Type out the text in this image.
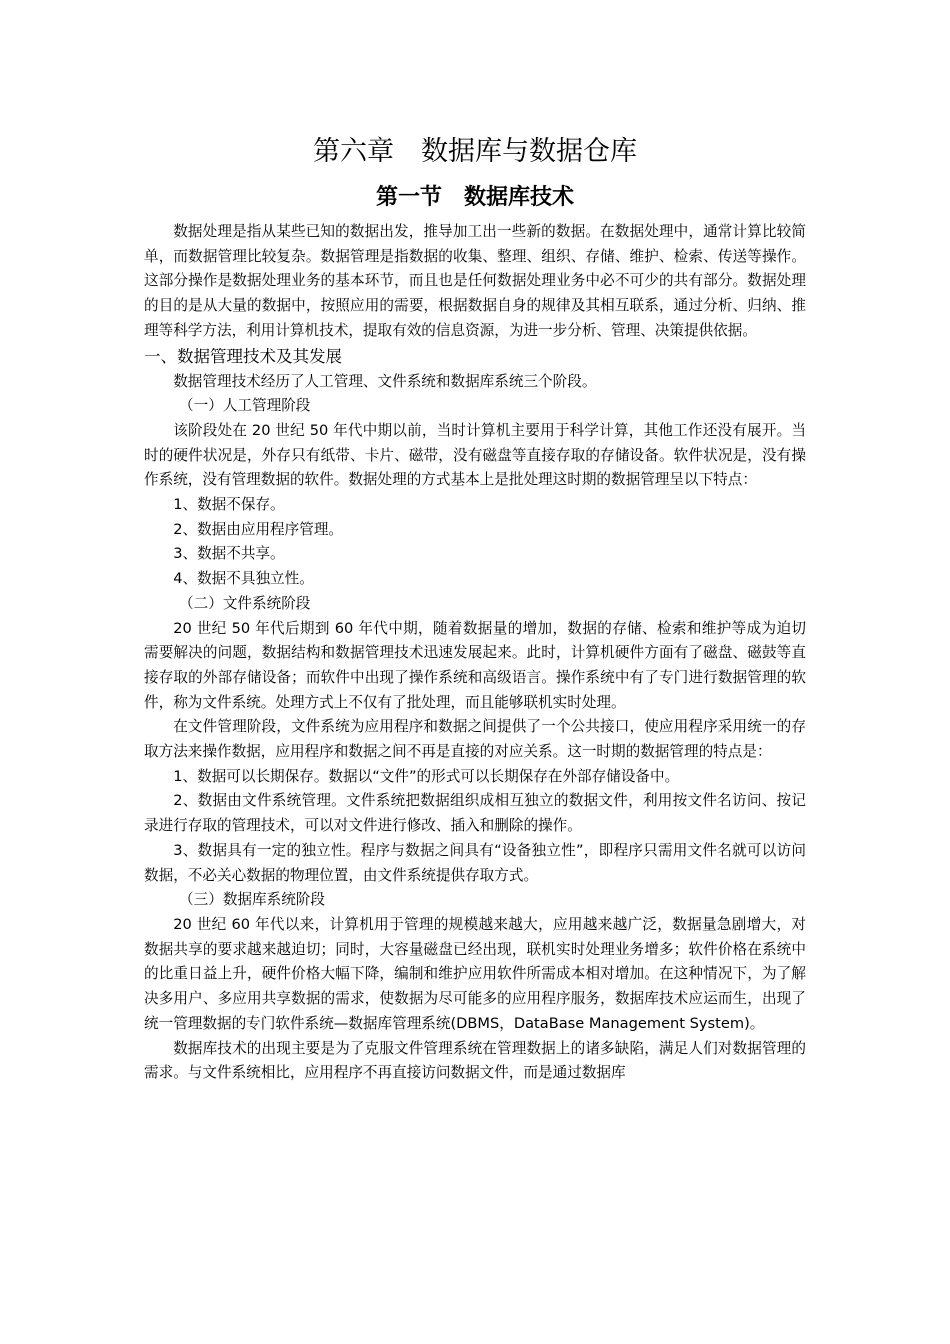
第六章　数据库与数据仓库
第一节　数据库技术

数据处理是指从某些已知的数据出发，推导加工出一些新的数据。在数据处理中，通常计算比较简单，而数据管理比较复杂。数据管理是指数据的收集、整理、组织、存储、维护、检索、传送等操作。这部分操作是数据处理业务的基本环节，而且也是任何数据处理业务中必不可少的共有部分。数据处理的目的是从大量的数据中，按照应用的需要，根据数据自身的规律及其相互联系，通过分析、归纳、推理等科学方法，利用计算机技术，提取有效的信息资源，为进一步分析、管理、决策提供依据。

一、数据管理技术及其发展

数据管理技术经历了人工管理、文件系统和数据库系统三个阶段。

（一）人工管理阶段

该阶段处在 20 世纪 50 年代中期以前，当时计算机主要用于科学计算，其他工作还没有展开。当时的硬件状况是，外存只有纸带、卡片、磁带，没有磁盘等直接存取的存储设备。软件状况是，没有操作系统，没有管理数据的软件。数据处理的方式基本上是批处理这时期的数据管理呈以下特点：

1、数据不保存。

2、数据由应用程序管理。

3、数据不共享。

4、数据不具独立性。

（二）文件系统阶段

20 世纪 50 年代后期到 60 年代中期，随着数据量的增加，数据的存储、检索和维护等成为迫切需要解决的问题，数据结构和数据管理技术迅速发展起来。此时，计算机硬件方面有了磁盘、磁鼓等直接存取的外部存储设备；而软件中出现了操作系统和高级语言。操作系统中有了专门进行数据管理的软件，称为文件系统。处理方式上不仅有了批处理，而且能够联机实时处理。

在文件管理阶段，文件系统为应用程序和数据之间提供了一个公共接口，使应用程序采用统一的存取方法来操作数据，应用程序和数据之间不再是直接的对应关系。这一时期的数据管理的特点是：

1、数据可以长期保存。数据以“文件”的形式可以长期保存在外部存储设备中。

2、数据由文件系统管理。文件系统把数据组织成相互独立的数据文件，利用按文件名访问、按记录进行存取的管理技术，可以对文件进行修改、插入和删除的操作。

3、数据具有一定的独立性。程序与数据之间具有“设备独立性”，即程序只需用文件名就可以访问数据，不必关心数据的物理位置，由文件系统提供存取方式。

（三）数据库系统阶段

20 世纪 60 年代以来，计算机用于管理的规模越来越大，应用越来越广泛，数据量急剧增大，对数据共享的要求越来越迫切；同时，大容量磁盘已经出现，联机实时处理业务增多；软件价格在系统中的比重日益上升，硬件价格大幅下降，编制和维护应用软件所需成本相对增加。在这种情况下，为了解决多用户、多应用共享数据的需求，使数据为尽可能多的应用程序服务，数据库技术应运而生，出现了统一管理数据的专门软件系统—数据库管理系统(DBMS，DataBase Management System)。

数据库技术的出现主要是为了克服文件管理系统在管理数据上的诸多缺陷，满足人们对数据管理的需求。与文件系统相比，应用程序不再直接访问数据文件，而是通过数据库
